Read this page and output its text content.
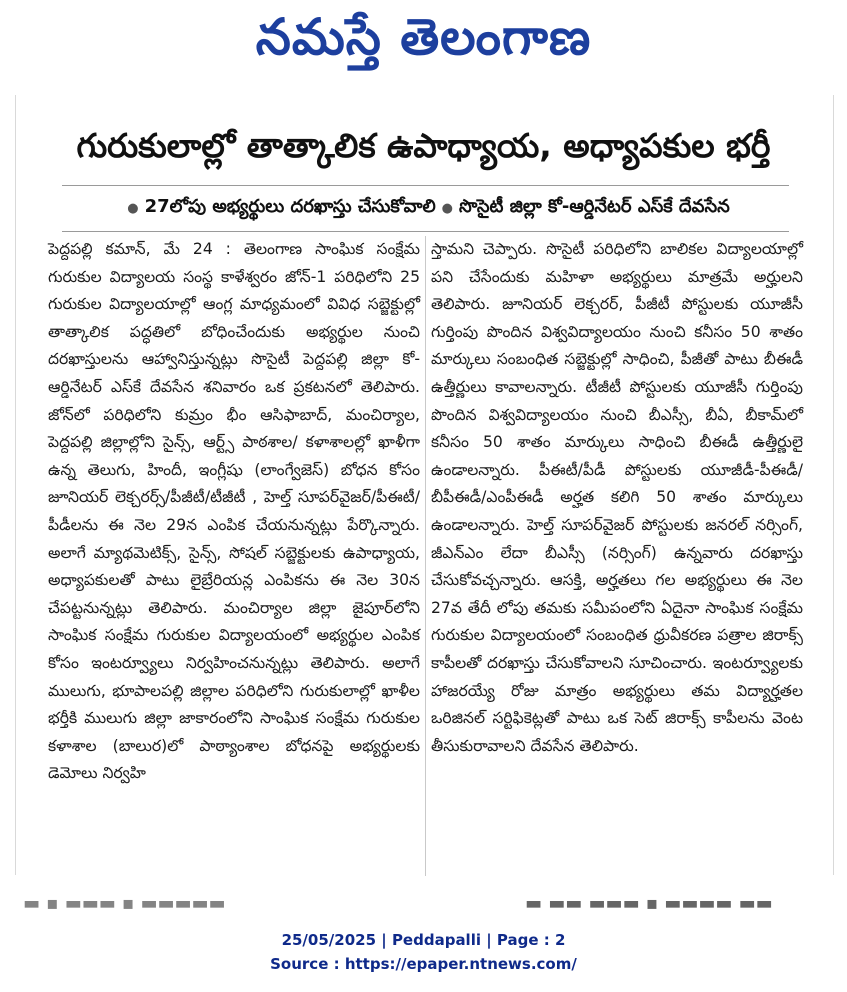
నమస్తే తెలంగాణ
గురుకులాల్లో తాత్కాలిక ఉపాధ్యాయ, అధ్యాపకుల భర్తీ
● 27లోపు అభ్యర్థులు దరఖాస్తు చేసుకోవాలి ● సొసైటీ జిల్లా కో-ఆర్డినేటర్ ఎస్‌కే దేవసేన

పెద్దపల్లి కమాన్, మే 24 : తెలంగాణ సాంఘిక సంక్షేమ గురుకుల విద్యాలయ సంస్థ కాళేశ్వరం జోన్-1 పరిధిలోని 25 గురుకుల విద్యాలయాల్లో ఆంగ్ల మాధ్యమంలో వివిధ సబ్జెక్టుల్లో తాత్కాలిక పద్ధతిలో బోధించేందుకు అభ్యర్థుల నుంచి దరఖాస్తులను ఆహ్వానిస్తున్నట్లు సొసైటీ పెద్దపల్లి జిల్లా కో-ఆర్డినేటర్ ఎస్‌కే దేవసేన శనివారం ఒక ప్రకటనలో తెలిపారు. జోన్‌లో పరిధిలోని కుమ్రం భీం ఆసిఫాబాద్, మంచిర్యాల, పెద్దపల్లి జిల్లాల్లోని సైన్స్, ఆర్ట్స్ పాఠశాల/ కళాశాలల్లో ఖాళీగా ఉన్న తెలుగు, హిందీ, ఇంగ్లీషు (లాంగ్వేజెస్) బోధన కోసం జూనియర్ లెక్చరర్స్/పీజీటీ/టీజీటీ , హెల్త్ సూపర్‌వైజర్/పీఈటీ/పీడీలను ఈ నెల 29న ఎంపిక చేయనున్నట్లు పేర్కొన్నారు. అలాగే మ్యాథమెటిక్స్, సైన్స్, సోషల్ సబ్జెక్టులకు ఉపాధ్యాయ, అధ్యాపకులతో పాటు లైబ్రేరియన్ల ఎంపికను ఈ నెల 30న చేపట్టనున్నట్లు తెలిపారు. మంచిర్యాల జిల్లా జైపూర్‌లోని సాంఘిక సంక్షేమ గురుకుల విద్యాలయంలో అభ్యర్థుల ఎంపిక కోసం ఇంటర్వ్యూలు నిర్వహించనున్నట్లు తెలిపారు. అలాగే ములుగు, భూపాలపల్లి జిల్లాల పరిధిలోని గురుకులాల్లో ఖాళీల భర్తీకి ములుగు జిల్లా జాకారంలోని సాంఘిక సంక్షేమ గురుకుల కళాశాల (బాలుర)లో పాఠ్యాంశాల బోధనపై అభ్యర్థులకు డెమోలు నిర్వహి

స్తామని చెప్పారు. సొసైటీ పరిధిలోని బాలికల విద్యాలయాల్లో పని చేసేందుకు మహిళా అభ్యర్థులు మాత్రమే అర్హులని తెలిపారు. జూనియర్ లెక్చరర్, పీజీటీ పోస్టులకు యూజీసీ గుర్తింపు పొందిన విశ్వవిద్యాలయం నుంచి కనీసం 50 శాతం మార్కులు సంబంధిత సబ్జెక్టుల్లో సాధించి, పీజీతో పాటు బీఈడీ ఉత్తీర్ణులు కావాలన్నారు. టీజీటీ పోస్టులకు యూజీసీ గుర్తింపు పొందిన విశ్వవిద్యాలయం నుంచి బీఎస్సీ, బీఏ, బీకామ్‌లో కనీసం 50 శాతం మార్కులు సాధించి బీఈడీ ఉత్తీర్ణులై ఉండాలన్నారు. పీఈటీ/పీడీ పోస్టులకు యూజీడీ-పీఈడీ/బీపీఈడీ/ఎంపీఈడీ అర్హత కలిగి 50 శాతం మార్కులు ఉండాలన్నారు. హెల్త్ సూపర్‌వైజర్ పోస్టులకు జనరల్ నర్సింగ్, జీఎన్ఎం లేదా బీఎస్సీ (నర్సింగ్) ఉన్నవారు దరఖాస్తు చేసుకోవచ్చన్నారు. ఆసక్తి, అర్హతలు గల అభ్యర్థులు ఈ నెల 27వ తేదీ లోపు తమకు సమీపంలోని ఏదైనా సాంఘిక సంక్షేమ గురుకుల విద్యాలయంలో సంబంధిత ధ్రువీకరణ పత్రాల జిరాక్స్ కాపీలతో దరఖాస్తు చేసుకోవాలని సూచించారు. ఇంటర్వ్యూలకు హాజరయ్యే రోజు మాత్రం అభ్యర్థులు తమ విద్యార్హతల ఒరిజినల్ సర్టిఫికెట్లతో పాటు ఒక సెట్ జిరాక్స్ కాపీలను వెంట తీసుకురావాలని దేవసేన తెలిపారు.

▬ ▪ ▬▬▬ ▪ ▬▬▬▬▬	▬ ▬▬ ▬▬▬ ▪ ▬▬▬▬ ▬▬
25/05/2025 | Peddapalli | Page : 2
Source : https://epaper.ntnews.com/
